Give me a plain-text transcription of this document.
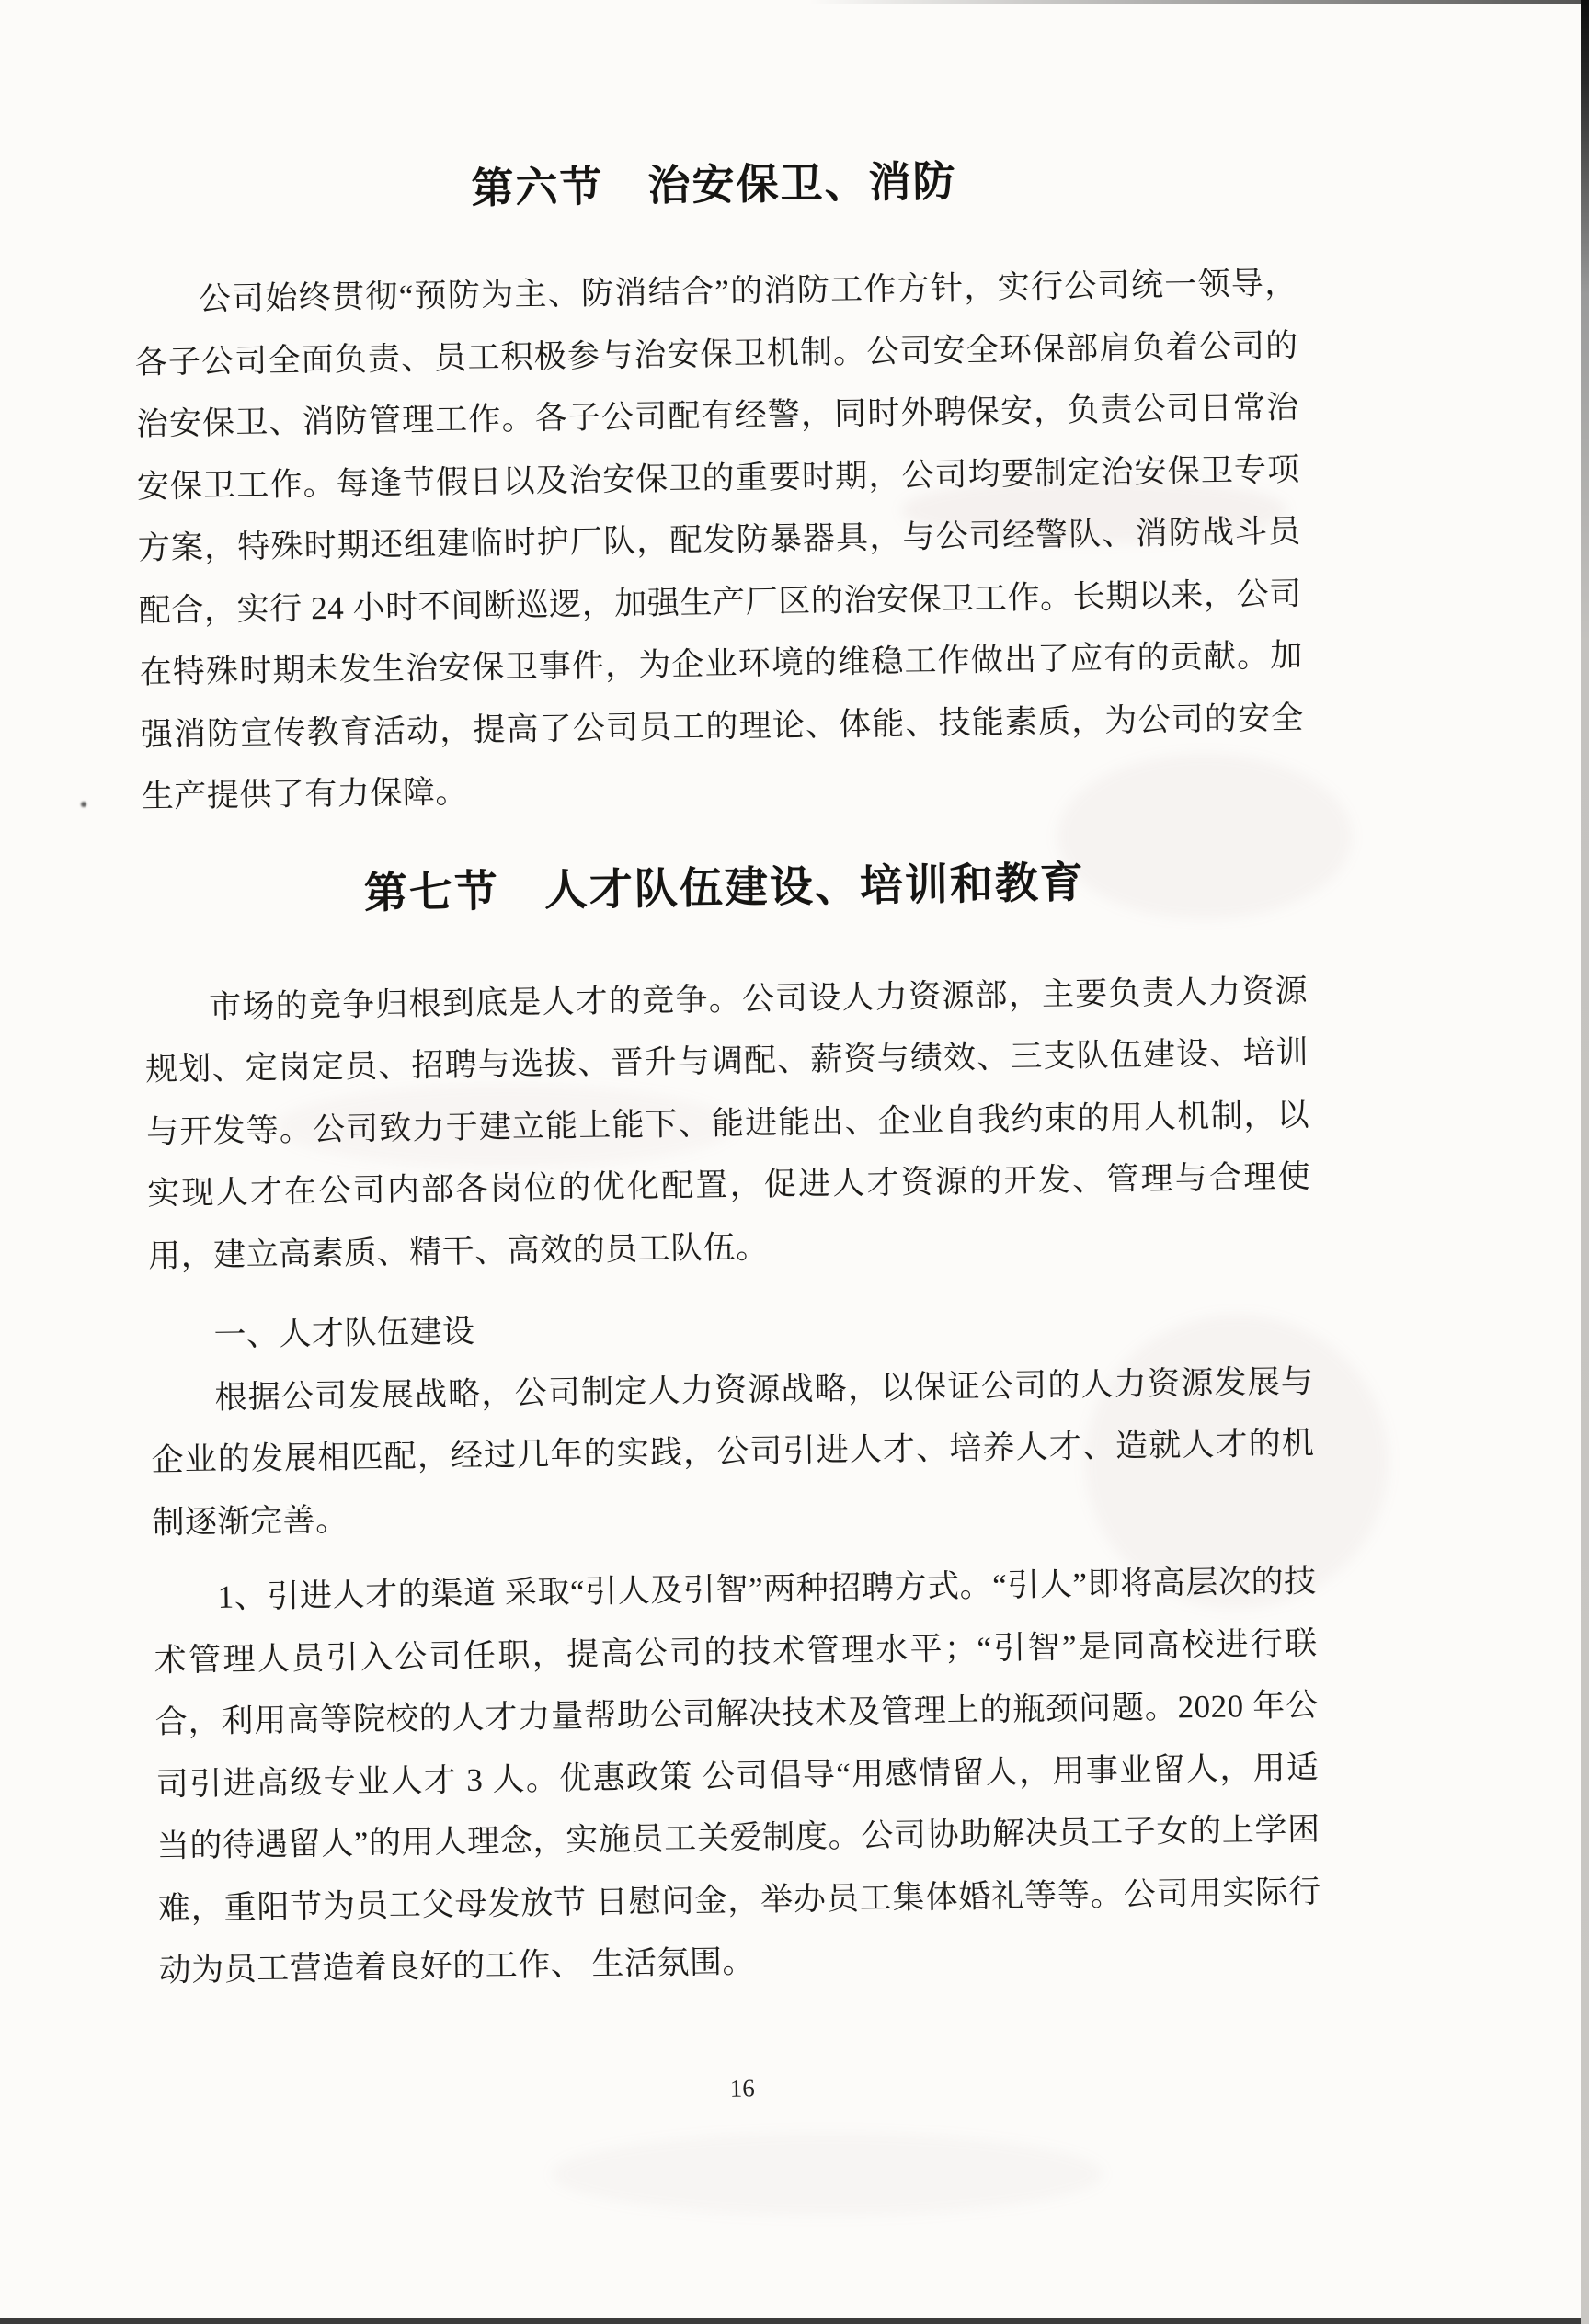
第六节　治安保卫、消防

公司始终贯彻“预防为主、防消结合”的消防工作方针，实行公司统一领导，各子公司全面负责、员工积极参与治安保卫机制。公司安全环保部肩负着公司的治安保卫、消防管理工作。各子公司配有经警，同时外聘保安，负责公司日常治安保卫工作。每逢节假日以及治安保卫的重要时期，公司均要制定治安保卫专项方案，特殊时期还组建临时护厂队，配发防暴器具，与公司经警队、消防战斗员配合，实行 24 小时不间断巡逻，加强生产厂区的治安保卫工作。长期以来，公司在特殊时期未发生治安保卫事件，为企业环境的维稳工作做出了应有的贡献。加强消防宣传教育活动，提高了公司员工的理论、体能、技能素质，为公司的安全生产提供了有力保障。

第七节　人才队伍建设、培训和教育

市场的竞争归根到底是人才的竞争。公司设人力资源部，主要负责人力资源规划、定岗定员、招聘与选拔、晋升与调配、薪资与绩效、三支队伍建设、培训与开发等。公司致力于建立能上能下、能进能出、企业自我约束的用人机制，以实现人才在公司内部各岗位的优化配置，促进人才资源的开发、管理与合理使用，建立高素质、精干、高效的员工队伍。

一、人才队伍建设

根据公司发展战略，公司制定人力资源战略，以保证公司的人力资源发展与企业的发展相匹配，经过几年的实践，公司引进人才、培养人才、造就人才的机制逐渐完善。

1、引进人才的渠道 采取“引人及引智”两种招聘方式。“引人”即将高层次的技术管理人员引入公司任职，提高公司的技术管理水平；“引智”是同高校进行联合，利用高等院校的人才力量帮助公司解决技术及管理上的瓶颈问题。2020 年公司引进高级专业人才 3 人。优惠政策 公司倡导“用感情留人，用事业留人，用适当的待遇留人”的用人理念，实施员工关爱制度。公司协助解决员工子女的上学困难，重阳节为员工父母发放节 日慰问金，举办员工集体婚礼等等。公司用实际行动为员工营造着良好的工作、 生活氛围。

16
